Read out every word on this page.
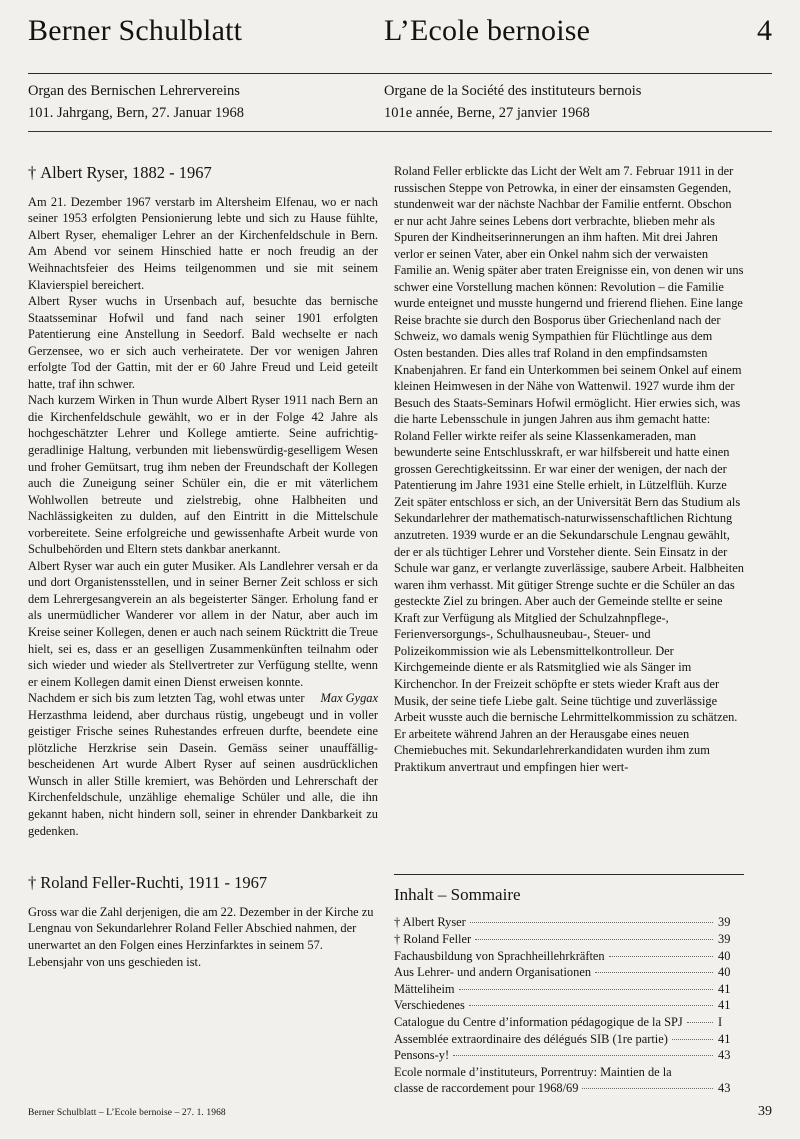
Berner Schulblatt	L’Ecole bernoise	4
Organ des Bernischen Lehrervereins
101. Jahrgang, Bern, 27. Januar 1968
Organe de la Société des instituteurs bernois
101e année, Berne, 27 janvier 1968
† Albert Ryser, 1882 - 1967

Am 21. Dezember 1967 verstarb im Altersheim Elfenau, wo er nach seiner 1953 erfolgten Pensionierung lebte und sich zu Hause fühlte, Albert Ryser, ehemaliger Lehrer an der Kirchenfeldschule in Bern. Am Abend vor seinem Hinschied hatte er noch freudig an der Weihnachtsfeier des Heims teilgenommen und sie mit seinem Klavierspiel bereichert.

Albert Ryser wuchs in Ursenbach auf, besuchte das bernische Staatsseminar Hofwil und fand nach seiner 1901 erfolgten Patentierung eine Anstellung in Seedorf. Bald wechselte er nach Gerzensee, wo er sich auch verheiratete. Der vor wenigen Jahren erfolgte Tod der Gattin, mit der er 60 Jahre Freud und Leid geteilt hatte, traf ihn schwer.

Nach kurzem Wirken in Thun wurde Albert Ryser 1911 nach Bern an die Kirchenfeldschule gewählt, wo er in der Folge 42 Jahre als hochgeschätzter Lehrer und Kollege amtierte. Seine aufrichtig-geradlinige Haltung, verbunden mit liebenswürdig-geselligem Wesen und froher Gemütsart, trug ihm neben der Freundschaft der Kollegen auch die Zuneigung seiner Schüler ein, die er mit väterlichem Wohlwollen betreute und zielstrebig, ohne Halbheiten und Nachlässigkeiten zu dulden, auf den Eintritt in die Mittelschule vorbereitete. Seine erfolgreiche und gewissenhafte Arbeit wurde von Schulbehörden und Eltern stets dankbar anerkannt.

Albert Ryser war auch ein guter Musiker. Als Landlehrer versah er da und dort Organistensstellen, und in seiner Berner Zeit schloss er sich dem Lehrergesangverein an als begeisterter Sänger. Erholung fand er als unermüdlicher Wanderer vor allem in der Natur, aber auch im Kreise seiner Kollegen, denen er auch nach seinem Rücktritt die Treue hielt, sei es, dass er an geselligen Zusammenkünften teilnahm oder sich wieder und wieder als Stellvertreter zur Verfügung stellte, wenn er einem Kollegen damit einen Dienst erweisen konnte.

Max Gygax
Nachdem er sich bis zum letzten Tag, wohl etwas unter Herzasthma leidend, aber durchaus rüstig, ungebeugt und in voller geistiger Frische seines Ruhestandes erfreuen durfte, beendete eine plötzliche Herzkrise sein Dasein. Gemäss seiner unauffällig-bescheidenen Art wurde Albert Ryser auf seinen ausdrücklichen Wunsch in aller Stille kremiert, was Behörden und Lehrerschaft der Kirchenfeldschule, unzählige ehemalige Schüler und alle, die ihn gekannt haben, nicht hindern soll, seiner in ehrender Dankbarkeit zu gedenken.

† Roland Feller-Ruchti, 1911 - 1967

Gross war die Zahl derjenigen, die am 22. Dezember in der Kirche zu Lengnau von Sekundarlehrer Roland Feller Abschied nahmen, der unerwartet an den Folgen eines Herzinfarktes in seinem 57. Lebensjahr von uns geschieden ist.

Roland Feller erblickte das Licht der Welt am 7. Februar 1911 in der russischen Steppe von Petrowka, in einer der einsamsten Gegenden, stundenweit war der nächste Nachbar der Familie entfernt. Obschon er nur acht Jahre seines Lebens dort verbrachte, blieben mehr als Spuren der Kindheitserinnerungen an ihm haften. Mit drei Jahren verlor er seinen Vater, aber ein Onkel nahm sich der verwaisten Familie an. Wenig später aber traten Ereignisse ein, von denen wir uns schwer eine Vorstellung machen können: Revolution – die Familie wurde enteignet und musste hungernd und frierend fliehen. Eine lange Reise brachte sie durch den Bosporus über Griechenland nach der Schweiz, wo damals wenig Sympathien für Flüchtlinge aus dem Osten bestanden. Dies alles traf Roland in den empfindsamsten Knabenjahren. Er fand ein Unterkommen bei seinem Onkel auf einem kleinen Heimwesen in der Nähe von Wattenwil. 1927 wurde ihm der Besuch des Staats-Seminars Hofwil ermöglicht. Hier erwies sich, was die harte Lebensschule in jungen Jahren aus ihm gemacht hatte: Roland Feller wirkte reifer als seine Klassenkameraden, man bewunderte seine Entschlusskraft, er war hilfsbereit und hatte einen grossen Gerechtigkeitssinn. Er war einer der wenigen, der nach der Patentierung im Jahre 1931 eine Stelle erhielt, in Lützelflüh. Kurze Zeit später entschloss er sich, an der Universität Bern das Studium als Sekundarlehrer der mathematisch-naturwissenschaftlichen Richtung anzutreten. 1939 wurde er an die Sekundarschule Lengnau gewählt, der er als tüchtiger Lehrer und Vorsteher diente. Sein Einsatz in der Schule war ganz, er verlangte zuverlässige, saubere Arbeit. Halbheiten waren ihm verhasst. Mit gütiger Strenge suchte er die Schüler an das gesteckte Ziel zu bringen. Aber auch der Gemeinde stellte er seine Kraft zur Verfügung als Mitglied der Schulzahnpflege-, Ferienversorgungs-, Schulhausneubau-, Steuer- und Polizeikommission wie als Lebensmittelkontrolleur. Der Kirchgemeinde diente er als Ratsmitglied wie als Sänger im Kirchenchor. In der Freizeit schöpfte er stets wieder Kraft aus der Musik, der seine tiefe Liebe galt. Seine tüchtige und zuverlässige Arbeit wusste auch die bernische Lehrmittelkommission zu schätzen. Er arbeitete während Jahren an der Herausgabe eines neuen Chemiebuches mit. Sekundarlehrerkandidaten wurden ihm zum Praktikum anvertraut und empfingen hier wert-

Inhalt – Sommaire
† Albert Ryser	39
† Roland Feller	39
Fachausbildung von Sprachheillehrkräften	40
Aus Lehrer- und andern Organisationen	40
Mätteliheim	41
Verschiedenes	41
Catalogue du Centre d’information pédagogique de la SPJ	I
Assemblée extraordinaire des délégués SIB (1re partie)	41
Pensons-y!	43
Ecole normale d’instituteurs, Porrentruy: Maintien de la
classe de raccordement pour 1968/69	43
Berner Schulblatt – L’Ecole bernoise – 27. 1. 1968	39
